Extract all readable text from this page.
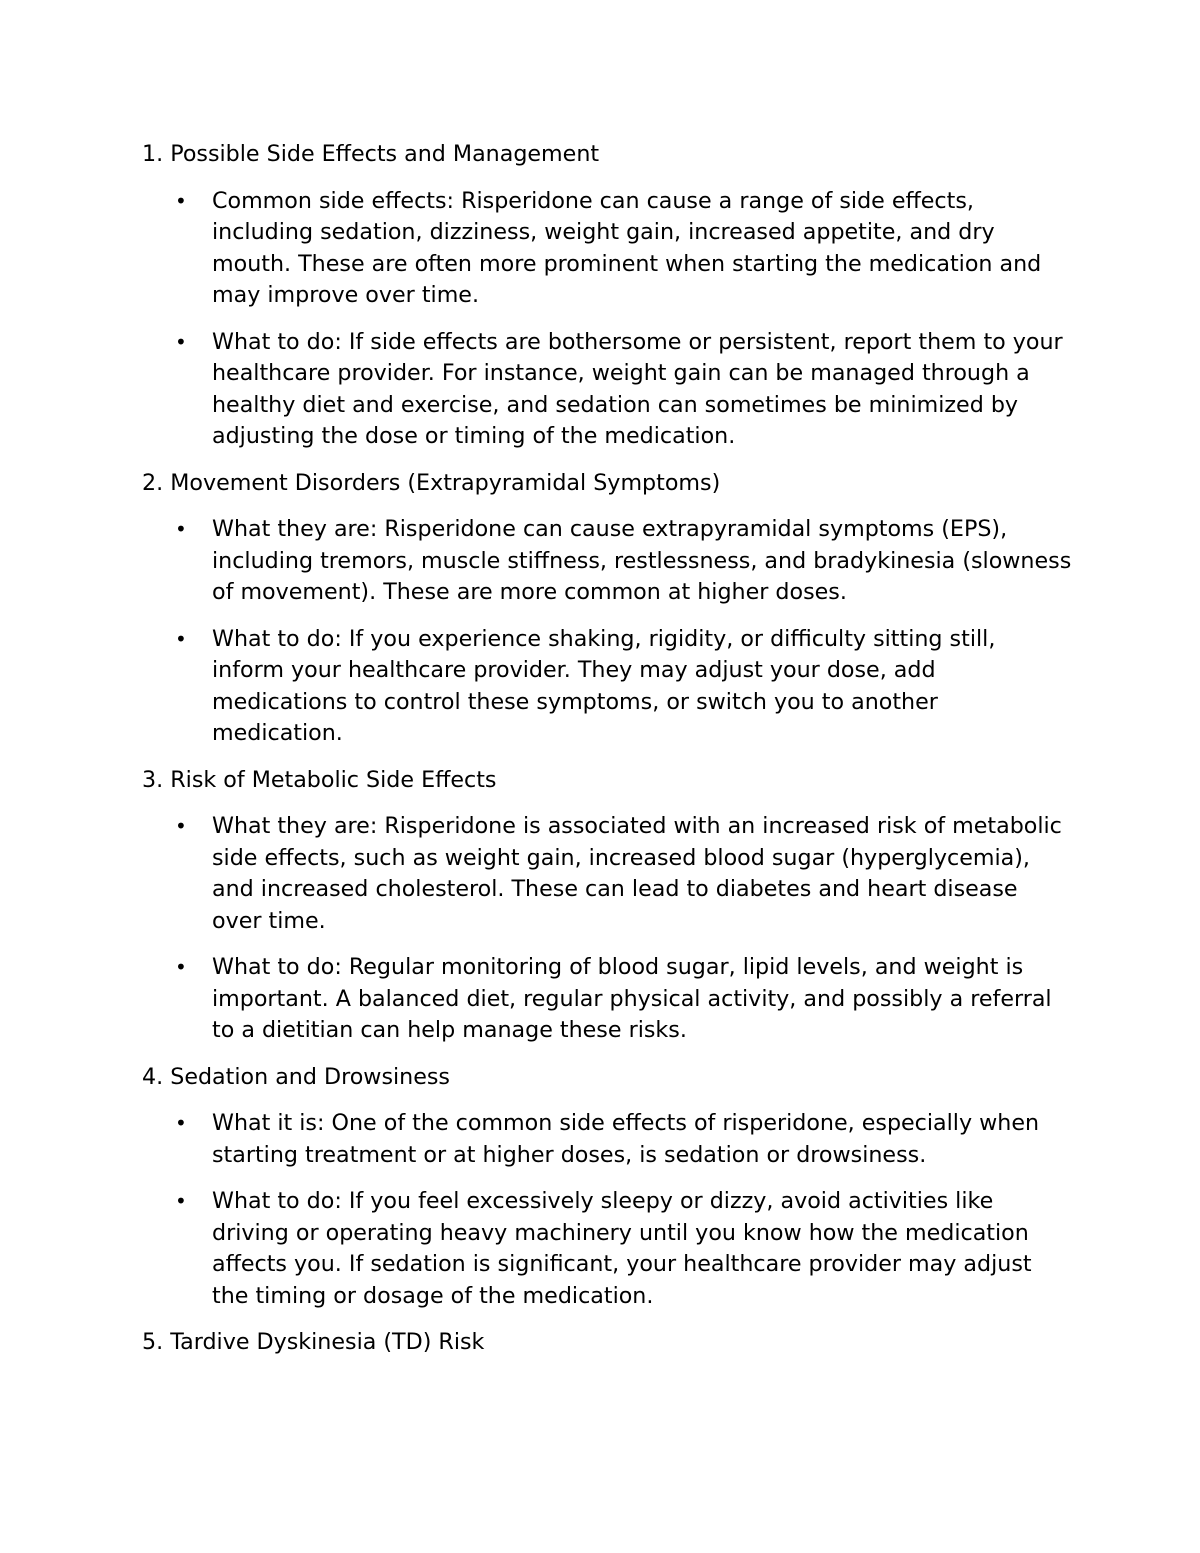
1. Possible Side Effects and Management
• Common side effects: Risperidone can cause a range of side effects, including sedation, dizziness, weight gain, increased appetite, and dry mouth. These are often more prominent when starting the medication and may improve over time.
• What to do: If side effects are bothersome or persistent, report them to your healthcare provider. For instance, weight gain can be managed through a healthy diet and exercise, and sedation can sometimes be minimized by adjusting the dose or timing of the medication.
2. Movement Disorders (Extrapyramidal Symptoms)
• What they are: Risperidone can cause extrapyramidal symptoms (EPS), including tremors, muscle stiffness, restlessness, and bradykinesia (slowness of movement). These are more common at higher doses.
• What to do: If you experience shaking, rigidity, or difficulty sitting still, inform your healthcare provider. They may adjust your dose, add medications to control these symptoms, or switch you to another medication.
3. Risk of Metabolic Side Effects
• What they are: Risperidone is associated with an increased risk of metabolic side effects, such as weight gain, increased blood sugar (hyperglycemia), and increased cholesterol. These can lead to diabetes and heart disease over time.
• What to do: Regular monitoring of blood sugar, lipid levels, and weight is important. A balanced diet, regular physical activity, and possibly a referral to a dietitian can help manage these risks.
4. Sedation and Drowsiness
• What it is: One of the common side effects of risperidone, especially when starting treatment or at higher doses, is sedation or drowsiness.
• What to do: If you feel excessively sleepy or dizzy, avoid activities like driving or operating heavy machinery until you know how the medication affects you. If sedation is significant, your healthcare provider may adjust the timing or dosage of the medication.
5. Tardive Dyskinesia (TD) Risk
